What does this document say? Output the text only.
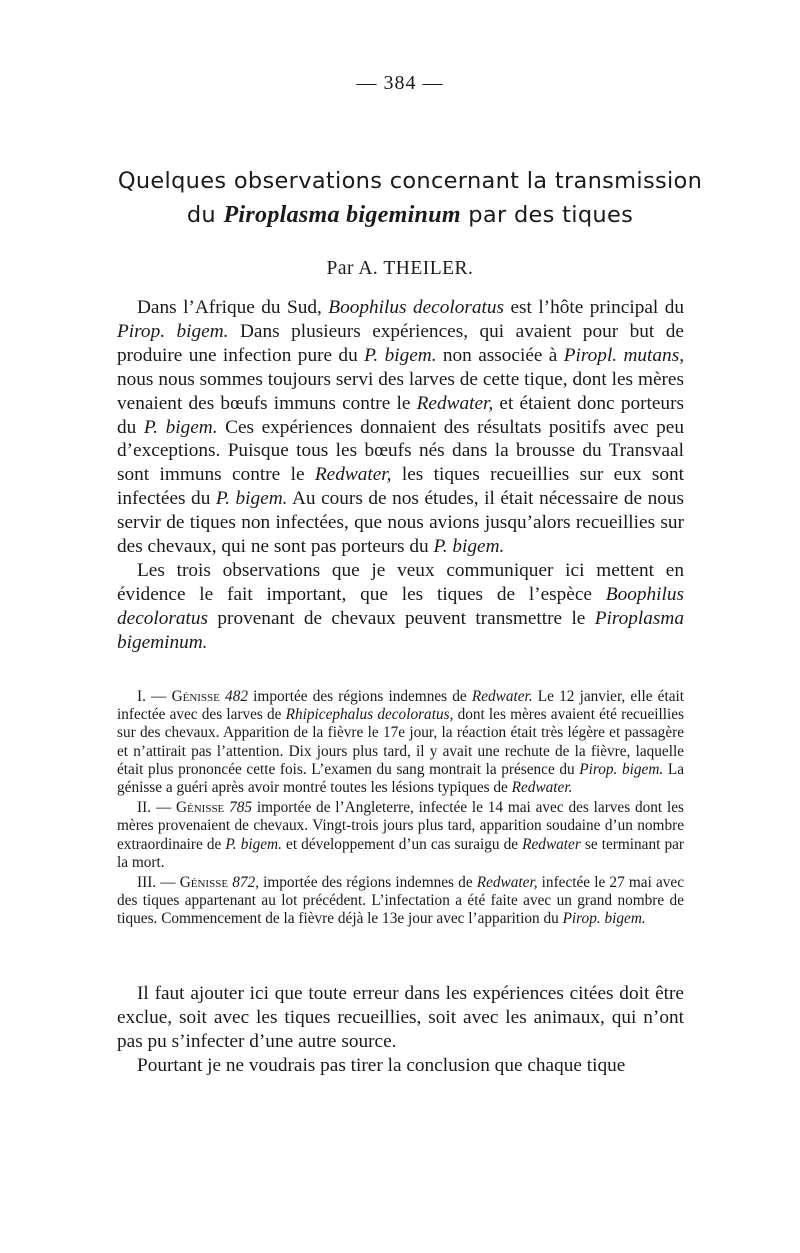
— 384 —
Quelques observations concernant la transmission
du Piroplasma bigeminum par des tiques
Par A. THEILER.

Dans l’Afrique du Sud, Boophilus decoloratus est l’hôte principal du Pirop. bigem. Dans plusieurs expériences, qui avaient pour but de produire une infection pure du P. bigem. non associée à Piropl. mutans, nous nous sommes toujours servi des larves de cette tique, dont les mères venaient des bœufs immuns contre le Redwater, et étaient donc porteurs du P. bigem. Ces expériences donnaient des résultats positifs avec peu d’exceptions. Puisque tous les bœufs nés dans la brousse du Transvaal sont immuns contre le Redwater, les tiques recueillies sur eux sont infectées du P. bigem. Au cours de nos études, il était nécessaire de nous servir de tiques non infectées, que nous avions jusqu’alors recueillies sur des chevaux, qui ne sont pas porteurs du P. bigem.

Les trois observations que je veux communiquer ici mettent en évidence le fait important, que les tiques de l’espèce Boophilus decoloratus provenant de chevaux peuvent transmettre le Piroplasma bigeminum.

I. — Génisse 482 importée des régions indemnes de Redwater. Le 12 janvier, elle était infectée avec des larves de Rhipicephalus decoloratus, dont les mères avaient été recueillies sur des chevaux. Apparition de la fièvre le 17e jour, la réaction était très légère et passagère et n’attirait pas l’attention. Dix jours plus tard, il y avait une rechute de la fièvre, laquelle était plus prononcée cette fois. L’examen du sang montrait la présence du Pirop. bigem. La génisse a guéri après avoir montré toutes les lésions typiques de Redwater.

II. — Génisse 785 importée de l’Angleterre, infectée le 14 mai avec des larves dont les mères provenaient de chevaux. Vingt-trois jours plus tard, apparition soudaine d’un nombre extraordinaire de P. bigem. et développement d’un cas suraigu de Redwater se terminant par la mort.

III. — Génisse 872, importée des régions indemnes de Redwater, infectée le 27 mai avec des tiques appartenant au lot précédent. L’infectation a été faite avec un grand nombre de tiques. Commencement de la fièvre déjà le 13e jour avec l’apparition du Pirop. bigem.

Il faut ajouter ici que toute erreur dans les expériences citées doit être exclue, soit avec les tiques recueillies, soit avec les animaux, qui n’ont pas pu s’infecter d’une autre source.

Pourtant je ne voudrais pas tirer la conclusion que chaque tique
